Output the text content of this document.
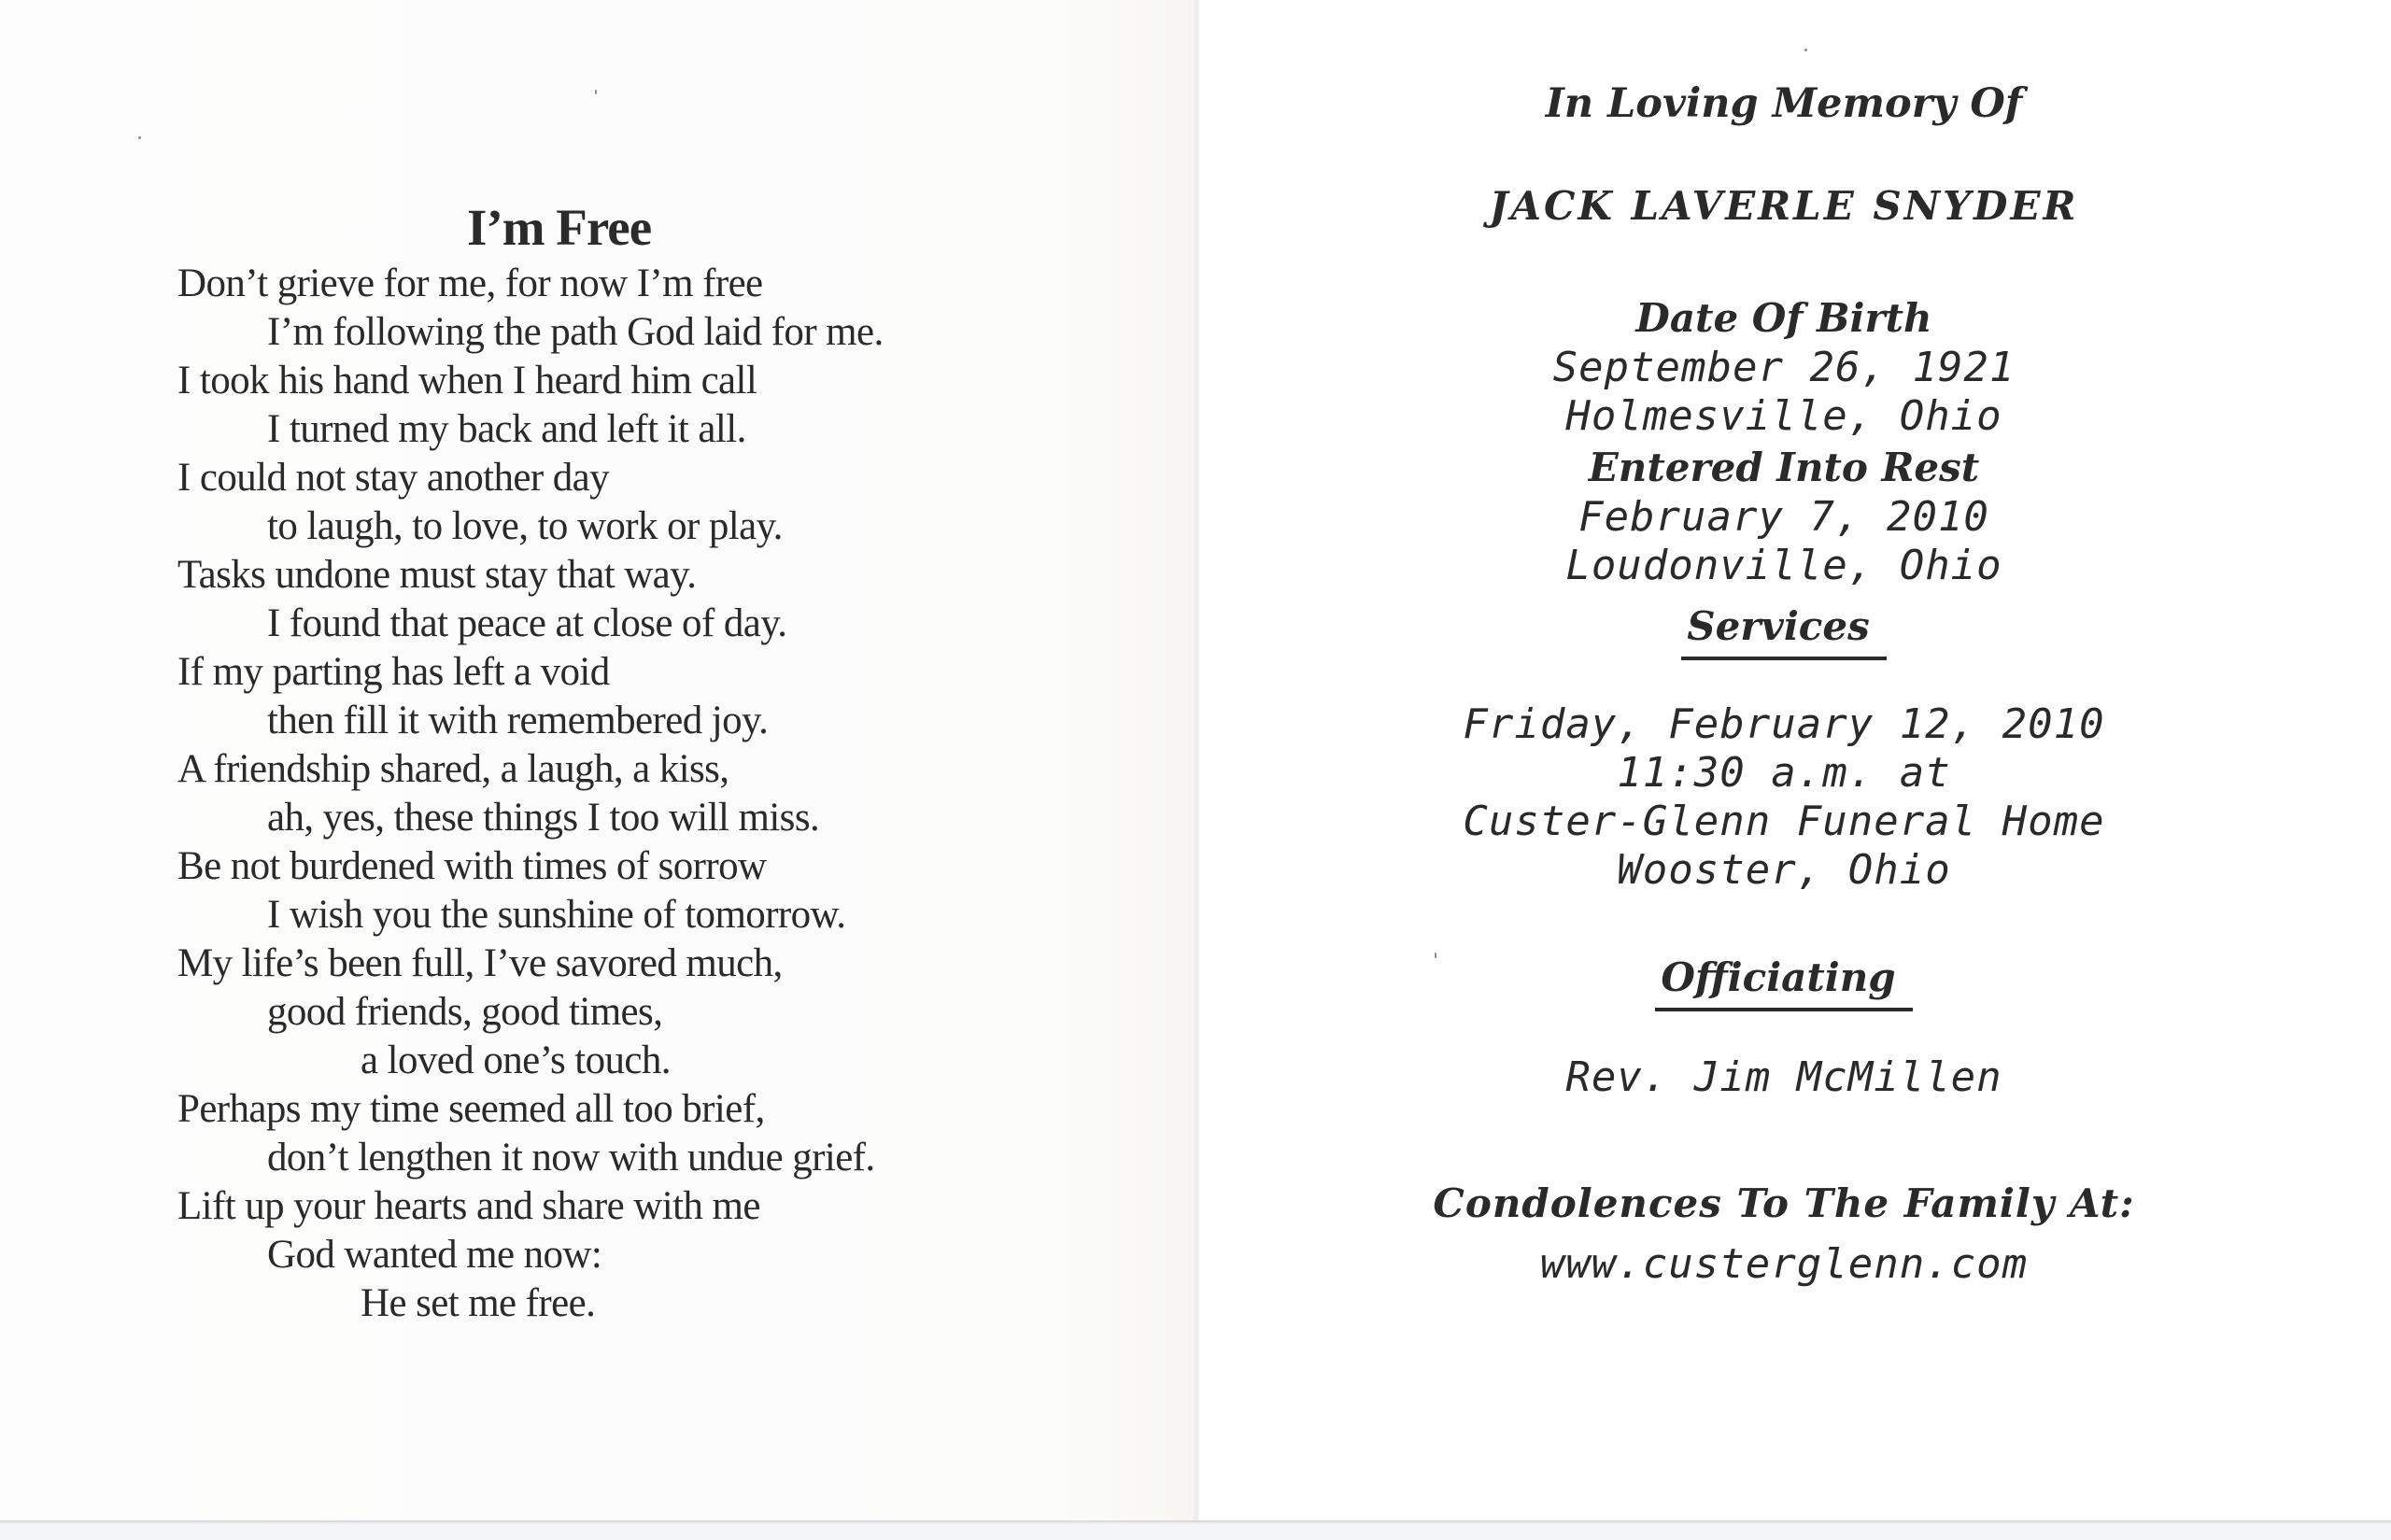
I’m Free
Don’t grieve for me, for now I’m free
I’m following the path God laid for me.
I took his hand when I heard him call
I turned my back and left it all.
I could not stay another day
to laugh, to love, to work or play.
Tasks undone must stay that way.
I found that peace at close of day.
If my parting has left a void
then fill it with remembered joy.
A friendship shared, a laugh, a kiss,
ah, yes, these things I too will miss.
Be not burdened with times of sorrow
I wish you the sunshine of tomorrow.
My life’s been full, I’ve savored much,
good friends, good times,
a loved one’s touch.
Perhaps my time seemed all too brief,
don’t lengthen it now with undue grief.
Lift up your hearts and share with me
God wanted me now:
He set me free.
In Loving Memory Of
JACK LAVERLE SNYDER
Date Of Birth
September 26, 1921
Holmesville, Ohio
Entered Into Rest
February 7, 2010
Loudonville, Ohio
Services
Friday, February 12, 2010
11:30 a.m. at
Custer-Glenn Funeral Home
Wooster, Ohio
Officiating
Rev. Jim McMillen
Condolences To The Family At:
www.custerglenn.com
